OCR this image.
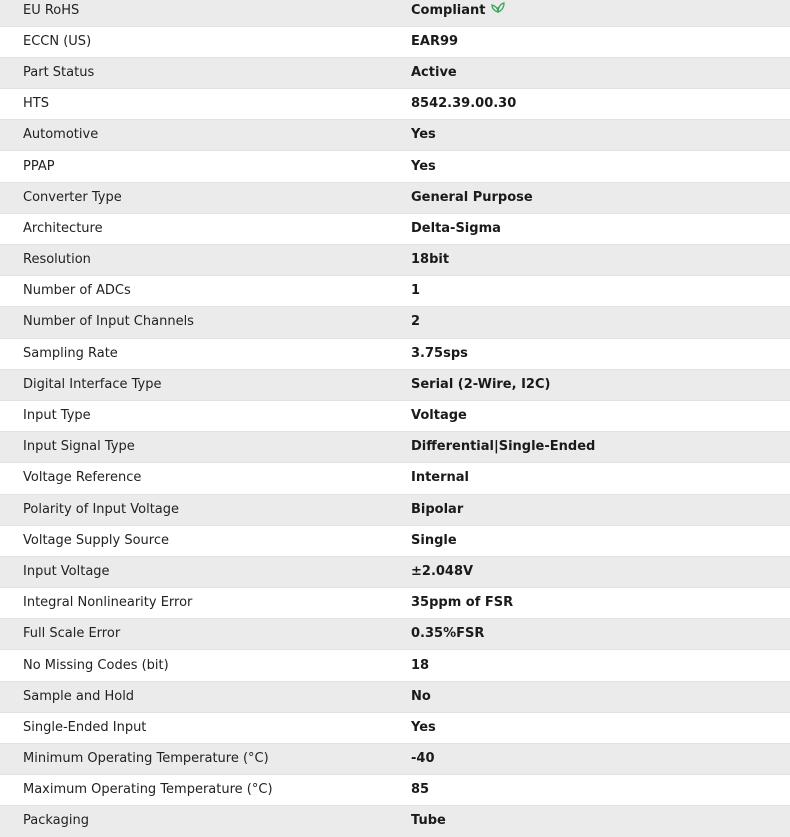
EU RoHS	Compliant
ECCN (US)	EAR99
Part Status	Active
HTS	8542.39.00.30
Automotive	Yes
PPAP	Yes
Converter Type	General Purpose
Architecture	Delta-Sigma
Resolution	18bit
Number of ADCs	1
Number of Input Channels	2
Sampling Rate	3.75sps
Digital Interface Type	Serial (2-Wire, I2C)
Input Type	Voltage
Input Signal Type	Differential|Single-Ended
Voltage Reference	Internal
Polarity of Input Voltage	Bipolar
Voltage Supply Source	Single
Input Voltage	±2.048V
Integral Nonlinearity Error	35ppm of FSR
Full Scale Error	0.35%FSR
No Missing Codes (bit)	18
Sample and Hold	No
Single-Ended Input	Yes
Minimum Operating Temperature (°C)	-40
Maximum Operating Temperature (°C)	85
Packaging	Tube
